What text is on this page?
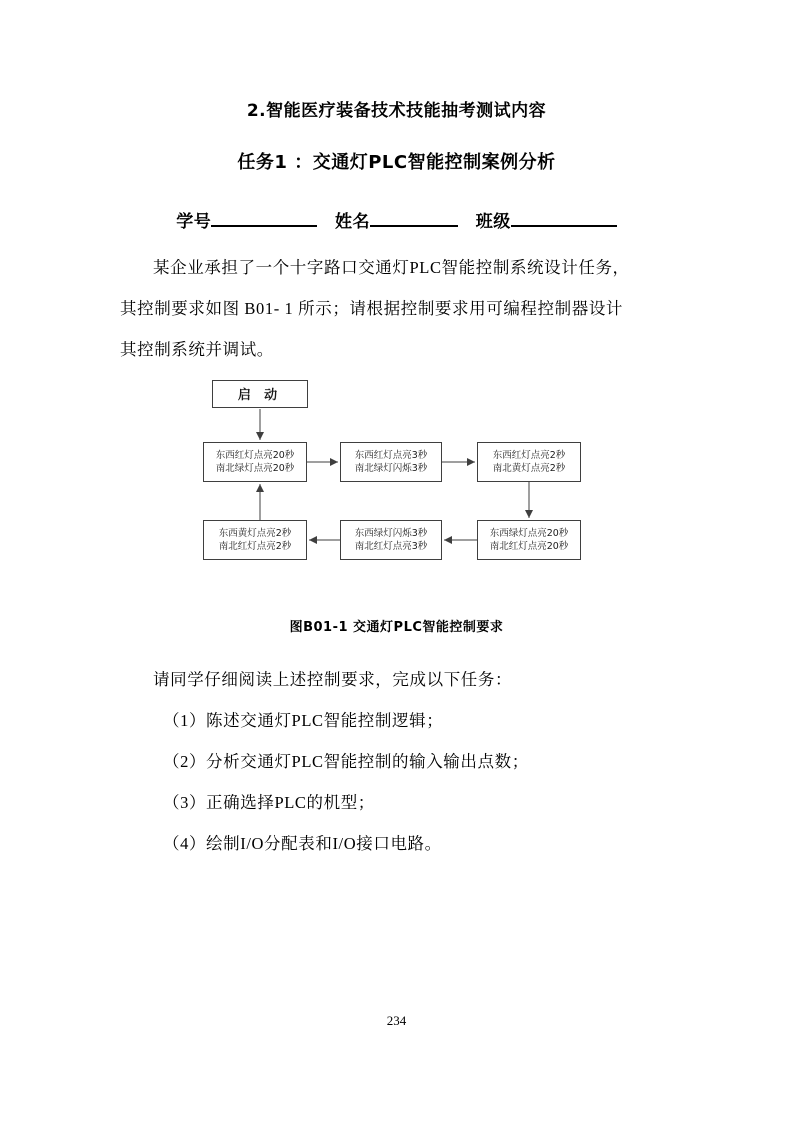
2.智能医疗装备技术技能抽考测试内容
任务1 ：交通灯PLC智能控制案例分析
学号	姓名	班级

某企业承担了一个十字路口交通灯PLC智能控制系统设计任务，
其控制要求如图 B01- 1 所示；请根据控制要求用可编程控制器设计
其控制系统并调试。

启 动
东西红灯点亮20秒
南北绿灯点亮20秒
东西红灯点亮3秒
南北绿灯闪烁3秒
东西红灯点亮2秒
南北黄灯点亮2秒
东西黄灯点亮2秒
南北红灯点亮2秒
东西绿灯闪烁3秒
南北红灯点亮3秒
东西绿灯点亮20秒
南北红灯点亮20秒
图B01-1 交通灯PLC智能控制要求

请同学仔细阅读上述控制要求，完成以下任务：

（1）陈述交通灯PLC智能控制逻辑；

（2）分析交通灯PLC智能控制的输入输出点数；

（3）正确选择PLC的机型；

（4）绘制I/O分配表和I/O接口电路。

234
